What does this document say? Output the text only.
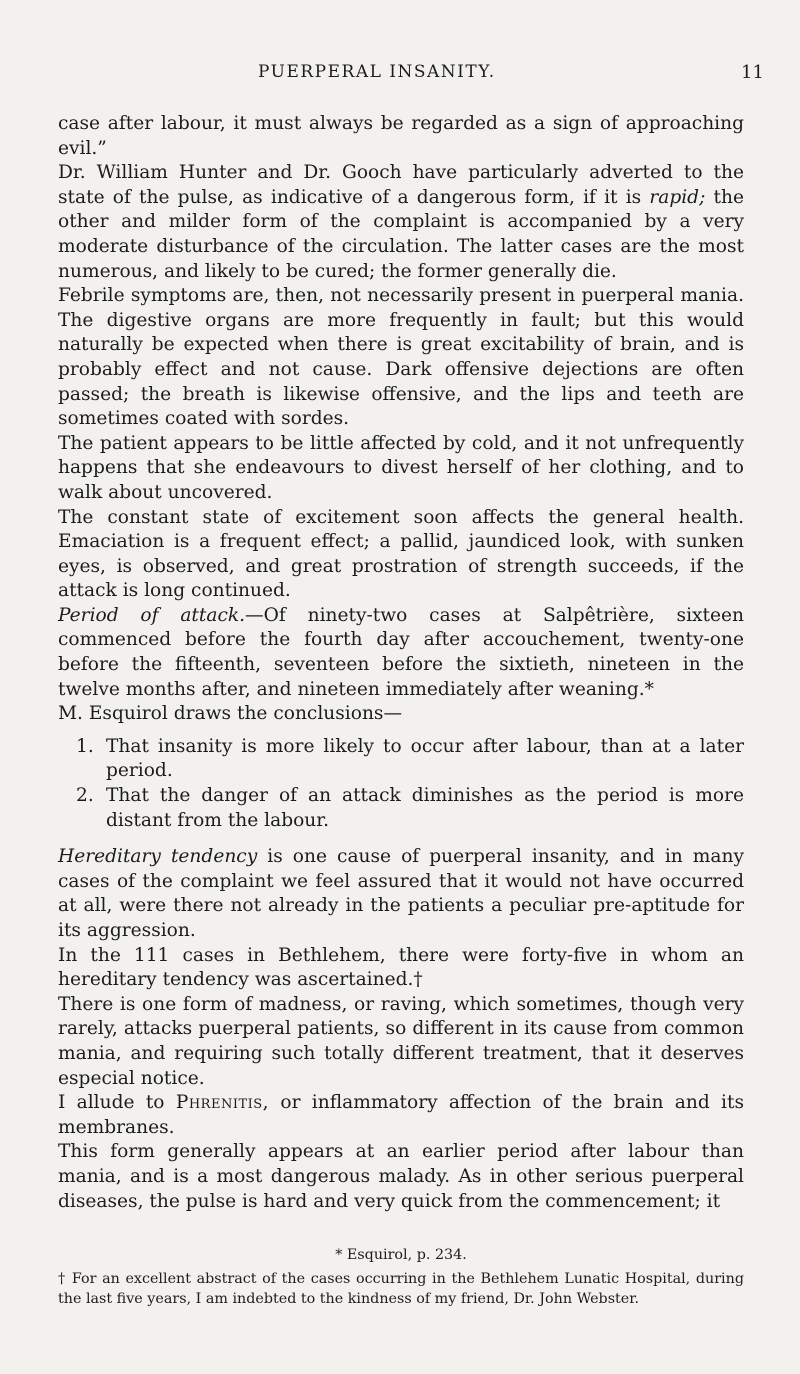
PUERPERAL INSANITY.	11

case after labour, it must always be regarded as a sign of approaching evil.”

Dr. William Hunter and Dr. Gooch have particularly adverted to the state of the pulse, as indicative of a dangerous form, if it is rapid; the other and milder form of the complaint is accompanied by a very moderate disturbance of the circulation. The latter cases are the most numerous, and likely to be cured; the former generally die.

Febrile symptoms are, then, not necessarily present in puerperal mania. The digestive organs are more frequently in fault; but this would naturally be expected when there is great excitability of brain, and is probably effect and not cause. Dark offensive dejections are often passed; the breath is likewise offensive, and the lips and teeth are sometimes coated with sordes.

The patient appears to be little affected by cold, and it not unfrequently happens that she endeavours to divest herself of her clothing, and to walk about uncovered.

The constant state of excitement soon affects the general health. Emaciation is a frequent effect; a pallid, jaundiced look, with sunken eyes, is observed, and great prostration of strength succeeds, if the attack is long continued.

Period of attack.—Of ninety-two cases at Salpêtrière, sixteen commenced before the fourth day after accouchement, twenty-one before the fifteenth, seventeen before the sixtieth, nineteen in the twelve months after, and nineteen immediately after weaning.*

M. Esquirol draws the conclusions—

1. That insanity is more likely to occur after labour, than at a later period.
2. That the danger of an attack diminishes as the period is more distant from the labour.

Hereditary tendency is one cause of puerperal insanity, and in many cases of the complaint we feel assured that it would not have occurred at all, were there not already in the patients a peculiar pre-aptitude for its aggression.

In the 111 cases in Bethlehem, there were forty-five in whom an hereditary tendency was ascertained.†

There is one form of madness, or raving, which sometimes, though very rarely, attacks puerperal patients, so different in its cause from common mania, and requiring such totally different treatment, that it deserves especial notice.

I allude to Phrenitis, or inflammatory affection of the brain and its membranes.

This form generally appears at an earlier period after labour than mania, and is a most dangerous malady. As in other serious puerperal diseases, the pulse is hard and very quick from the commencement; it

* Esquirol, p. 234.
† For an excellent abstract of the cases occurring in the Bethlehem Lunatic Hospital, during the last five years, I am indebted to the kindness of my friend, Dr. John Webster.
